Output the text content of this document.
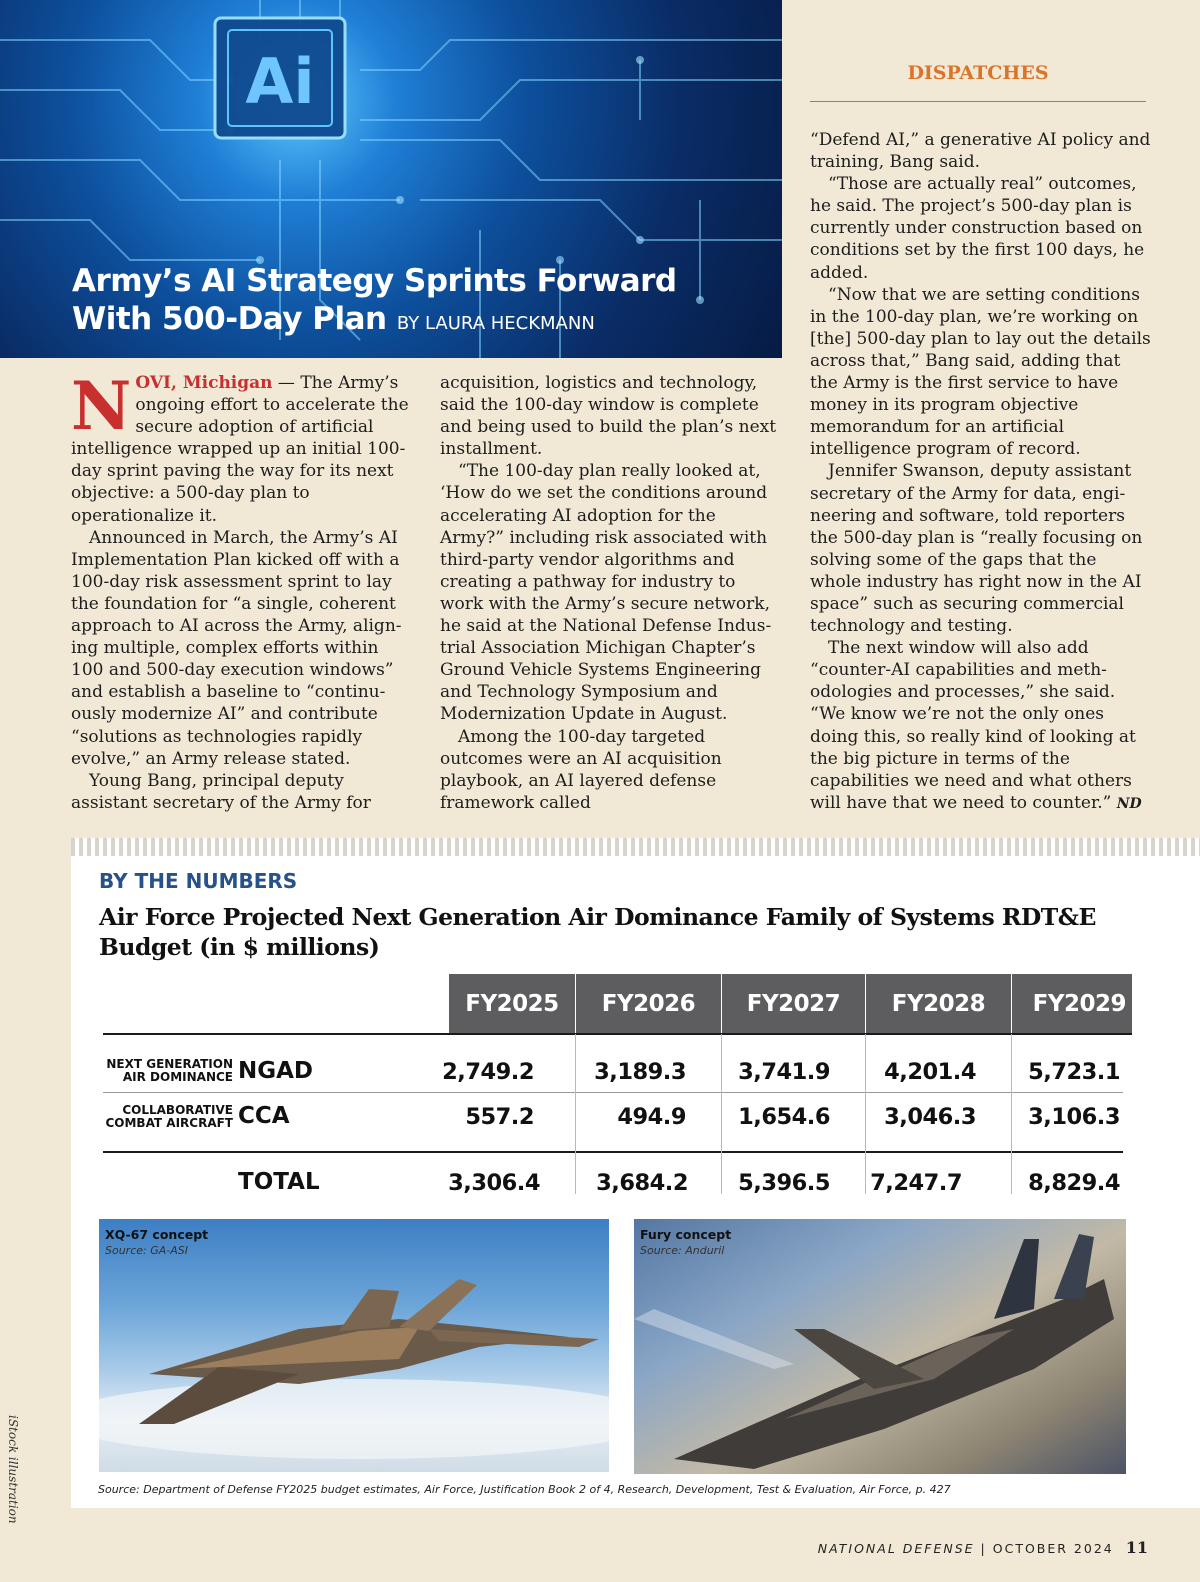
Ai
Army’s AI Strategy Sprints Forward
With 500-Day Plan BY LAURA HECKMANN
DISPATCHES

NOVI, Michigan — The Army’s ongoing effort to accelerate the secure adoption of artificial intelligence wrapped up an initial 100-day sprint paving the way for its next objective: a 500-day plan to operationalize it.

Announced in March, the Army’s AI Implementation Plan kicked off with a 100-day risk assessment sprint to lay the foundation for “a single, coherent approach to AI across the Army, aligning multiple, complex efforts within 100 and 500-day execution windows” and establish a baseline to “continuously modernize AI” and contribute “solutions as technologies rapidly evolve,” an Army release stated.

Young Bang, principal deputy assistant secretary of the Army for

acquisition, logistics and technology, said the 100-day window is complete and being used to build the plan’s next installment.

“The 100-day plan really looked at, ‘How do we set the conditions around accelerating AI adoption for the Army?” including risk associated with third-party vendor algorithms and creating a pathway for industry to work with the Army’s secure network, he said at the National Defense Industrial Association Michigan Chapter’s Ground Vehicle Systems Engineering and Technology Symposium and Modernization Update in August.

Among the 100-day targeted outcomes were an AI acquisition playbook, an AI layered defense framework called

“Defend AI,” a generative AI policy and training, Bang said.

“Those are actually real” outcomes, he said. The project’s 500-day plan is currently under construction based on conditions set by the first 100 days, he added.

“Now that we are setting conditions in the 100-day plan, we’re working on [the] 500-day plan to lay out the details across that,” Bang said, adding that the Army is the first service to have money in its program objective memorandum for an artificial intelligence program of record.

Jennifer Swanson, deputy assistant secretary of the Army for data, engineering and software, told reporters the 500-day plan is “really focusing on solving some of the gaps that the whole industry has right now in the AI space” such as securing commercial technology and testing.

The next window will also add “counter-AI capabilities and methodologies and processes,” she said. “We know we’re not the only ones doing this, so really kind of looking at the big picture in terms of the capabilities we need and what others will have that we need to counter.” ND

BY THE NUMBERS
Air Force Projected Next Generation Air Dominance Family of Systems RDT&E Budget (in $ millions)
FY2025	FY2026	FY2027	FY2028	FY2029
NEXT GENERATION
AIR DOMINANCE NGAD	2,749.2	3,189.3	3,741.9	4,201.4	5,723.1
COLLABORATIVE
COMBAT AIRCRAFT CCA	557.2	494.9	1,654.6	3,046.3	3,106.3
TOTAL	3,306.4	3,684.2	5,396.5 7,247.7	8,829.4
XQ-67 concept
Source: GA-ASI
Fury concept
Source: Anduril
Source: Department of Defense FY2025 budget estimates, Air Force, Justification Book 2 of 4, Research, Development, Test & Evaluation, Air Force, p. 427
iStock illustration
NATIONAL DEFENSE | OCTOBER 2024 11
